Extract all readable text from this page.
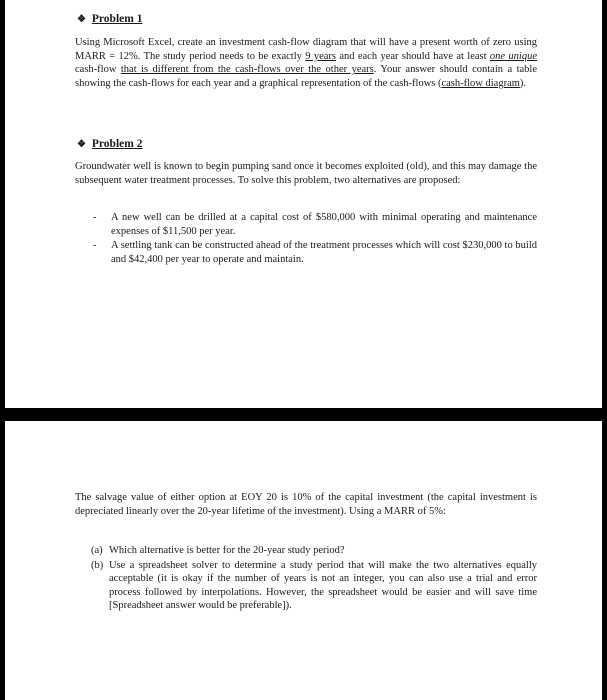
❖ Problem 1
Using Microsoft Excel, create an investment cash-flow diagram that will have a present worth of zero using MARR = 12%. The study period needs to be exactly 9 years and each year should have at least one unique cash-flow that is different from the cash-flows over the other years. Your answer should contain a table showing the cash-flows for each year and a graphical representation of the cash-flows (cash-flow diagram).
❖ Problem 2
Groundwater well is known to begin pumping sand once it becomes exploited (old), and this may damage the subsequent water treatment processes. To solve this problem, two alternatives are proposed:
- A new well can be drilled at a capital cost of $580,000 with minimal operating and maintenance expenses of $11,500 per year.
- A settling tank can be constructed ahead of the treatment processes which will cost $230,000 to build and $42,400 per year to operate and maintain.
The salvage value of either option at EOY 20 is 10% of the capital investment (the capital investment is depreciated linearly over the 20-year lifetime of the investment). Using a MARR of 5%:
(a) Which alternative is better for the 20-year study period?
(b) Use a spreadsheet solver to determine a study period that will make the two alternatives equally acceptable (it is okay if the number of years is not an integer, you can also use a trial and error process followed by interpolations. However, the spreadsheet would be easier and will save time [Spreadsheet answer would be preferable]).
